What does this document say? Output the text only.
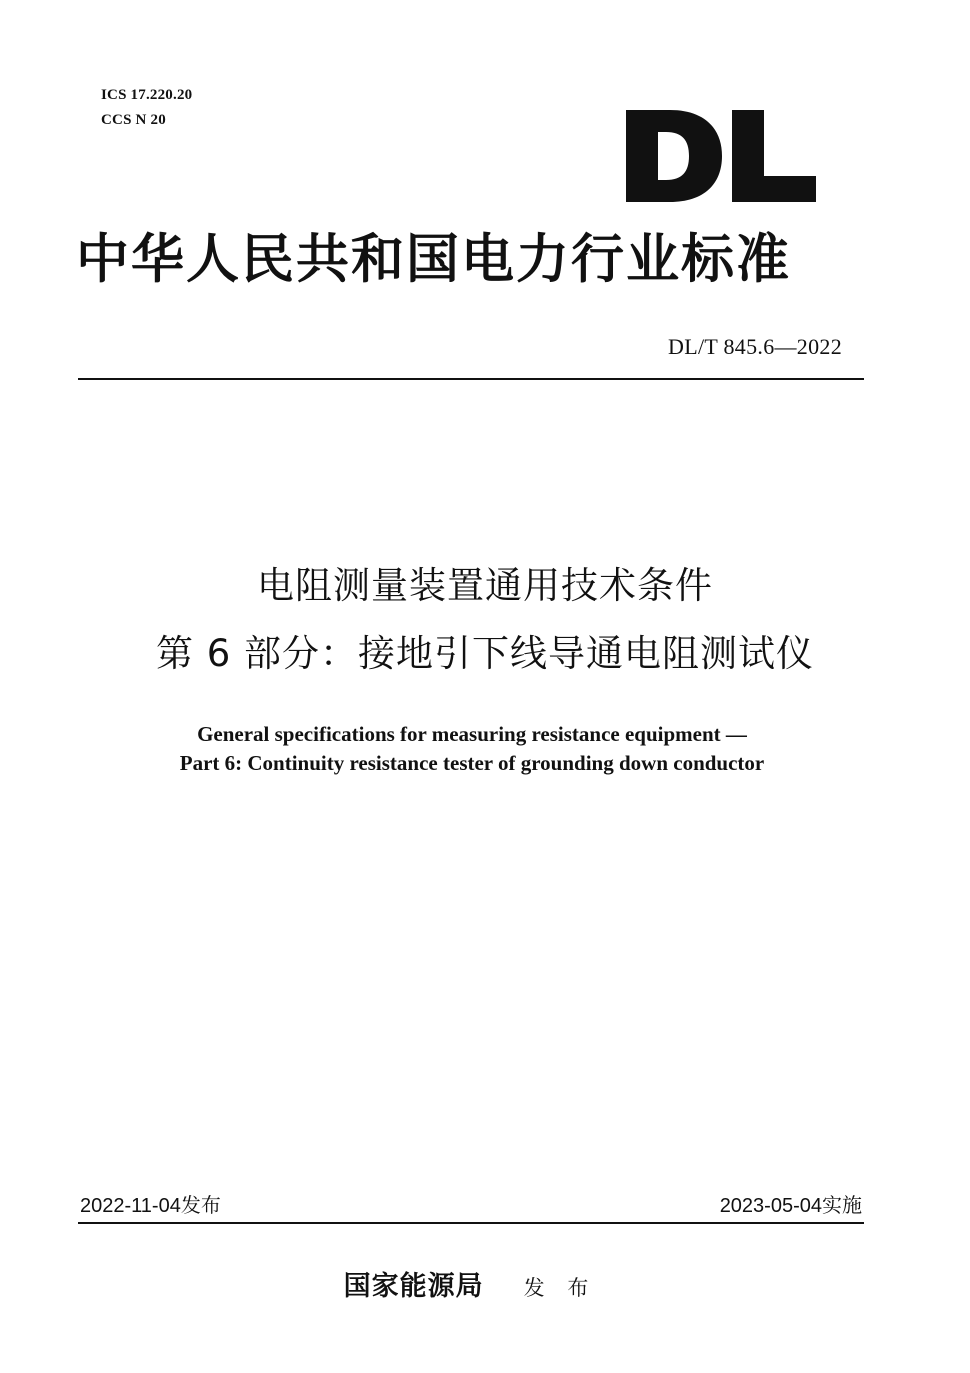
ICS 17.220.20
CCS N 20
中华人民共和国电力行业标准
DL/T 845.6—2022
电阻测量装置通用技术条件
第 6 部分：接地引下线导通电阻测试仪
General specifications for measuring resistance equipment —
Part 6: Continuity resistance tester of grounding down conductor
2022-11-04发布	2023-05-04实施
国家能源局 发 布
